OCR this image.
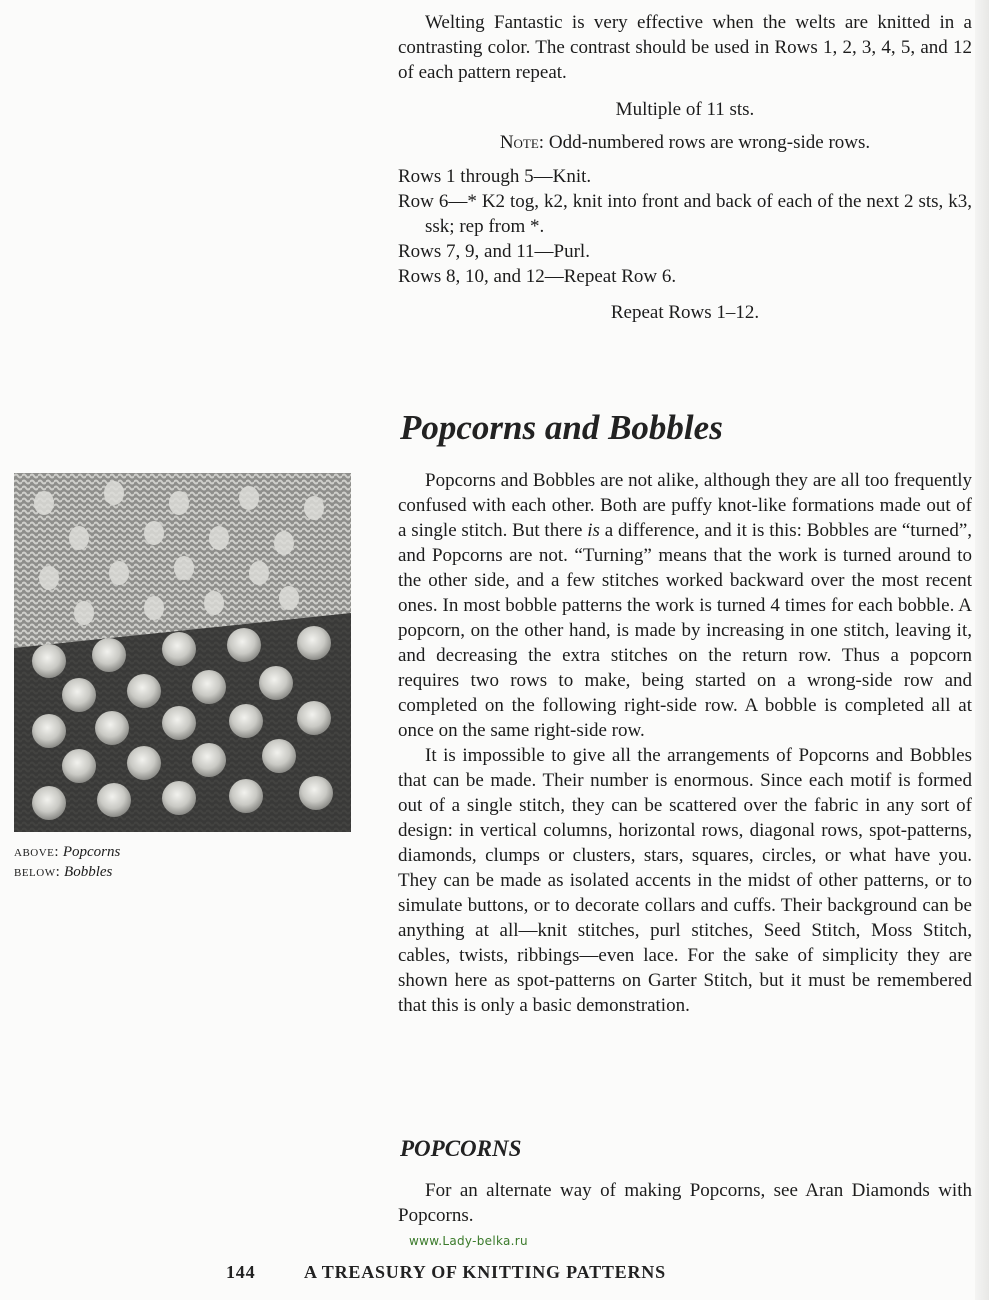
Welting Fantastic is very effective when the welts are knitted in a contrasting color. The contrast should be used in Rows 1, 2, 3, 4, 5, and 12 of each pattern repeat.

Multiple of 11 sts.

Note: Odd-numbered rows are wrong-side rows.

Rows 1 through 5—Knit.

Row 6—* K2 tog, k2, knit into front and back of each of the next 2 sts, k3, ssk; rep from *.

Rows 7, 9, and 11—Purl.

Rows 8, 10, and 12—Repeat Row 6.

Repeat Rows 1–12.

Popcorns and Bobbles

Popcorns and Bobbles are not alike, although they are all too frequently confused with each other. Both are puffy knot-like formations made out of a single stitch. But there is a difference, and it is this: Bobbles are “turned”, and Popcorns are not. “Turning” means that the work is turned around to the other side, and a few stitches worked backward over the most recent ones. In most bobble patterns the work is turned 4 times for each bobble. A popcorn, on the other hand, is made by increasing in one stitch, leaving it, and decreasing the extra stitches on the return row. Thus a popcorn requires two rows to make, being started on a wrong-side row and completed on the following right-side row. A bobble is completed all at once on the same right-side row.

It is impossible to give all the arrangements of Popcorns and Bobbles that can be made. Their number is enormous. Since each motif is formed out of a single stitch, they can be scattered over the fabric in any sort of design: in vertical columns, horizontal rows, diagonal rows, spot-patterns, diamonds, clumps or clusters, stars, squares, circles, or what have you. They can be made as isolated accents in the midst of other patterns, or to simulate buttons, or to decorate collars and cuffs. Their background can be anything at all—knit stitches, purl stitches, Seed Stitch, Moss Stitch, cables, twists, ribbings—even lace. For the sake of simplicity they are shown here as spot-patterns on Garter Stitch, but it must be remembered that this is only a basic demonstration.

POPCORNS

For an alternate way of making Popcorns, see Aran Diamonds with Popcorns.

above: Popcorns
below: Bobbles
www.Lady-belka.ru
144	A TREASURY OF KNITTING PATTERNS
